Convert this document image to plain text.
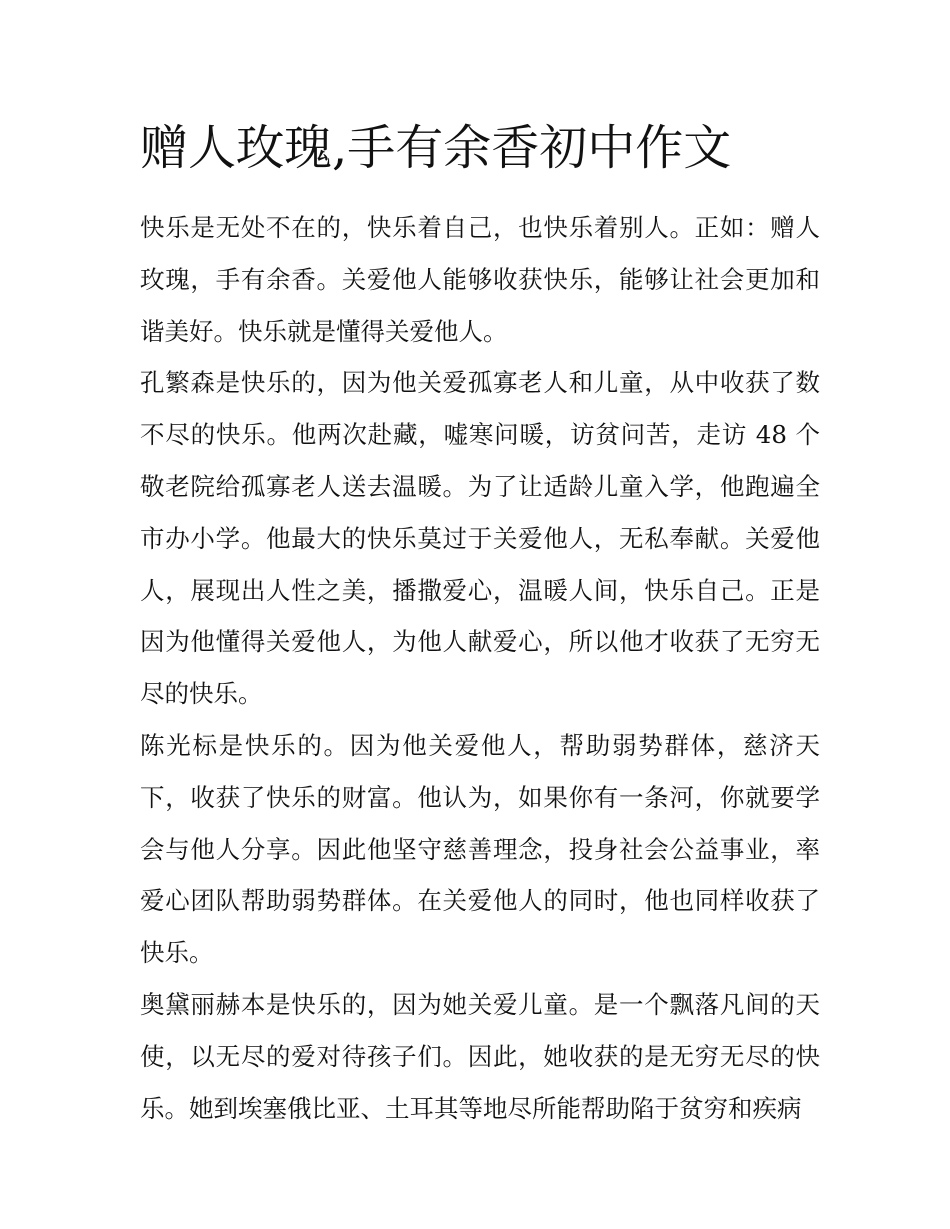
赠人玫瑰,手有余香初中作文

快乐是无处不在的，快乐着自己，也快乐着别人。正如：赠人玫瑰，手有余香。关爱他人能够收获快乐，能够让社会更加和谐美好。快乐就是懂得关爱他人。

孔繁森是快乐的，因为他关爱孤寡老人和儿童，从中收获了数不尽的快乐。他两次赴藏，嘘寒问暖，访贫问苦，走访 48 个敬老院给孤寡老人送去温暖。为了让适龄儿童入学，他跑遍全市办小学。他最大的快乐莫过于关爱他人，无私奉献。关爱他人，展现出人性之美，播撒爱心，温暖人间，快乐自己。正是因为他懂得关爱他人，为他人献爱心，所以他才收获了无穷无尽的快乐。

陈光标是快乐的。因为他关爱他人，帮助弱势群体，慈济天下，收获了快乐的财富。他认为，如果你有一条河，你就要学会与他人分享。因此他坚守慈善理念，投身社会公益事业，率爱心团队帮助弱势群体。在关爱他人的同时，他也同样收获了快乐。

奥黛丽赫本是快乐的，因为她关爱儿童。是一个飘落凡间的天使，以无尽的爱对待孩子们。因此，她收获的是无穷无尽的快乐。她到埃塞俄比亚、土耳其等地尽所能帮助陷于贫穷和疾病
